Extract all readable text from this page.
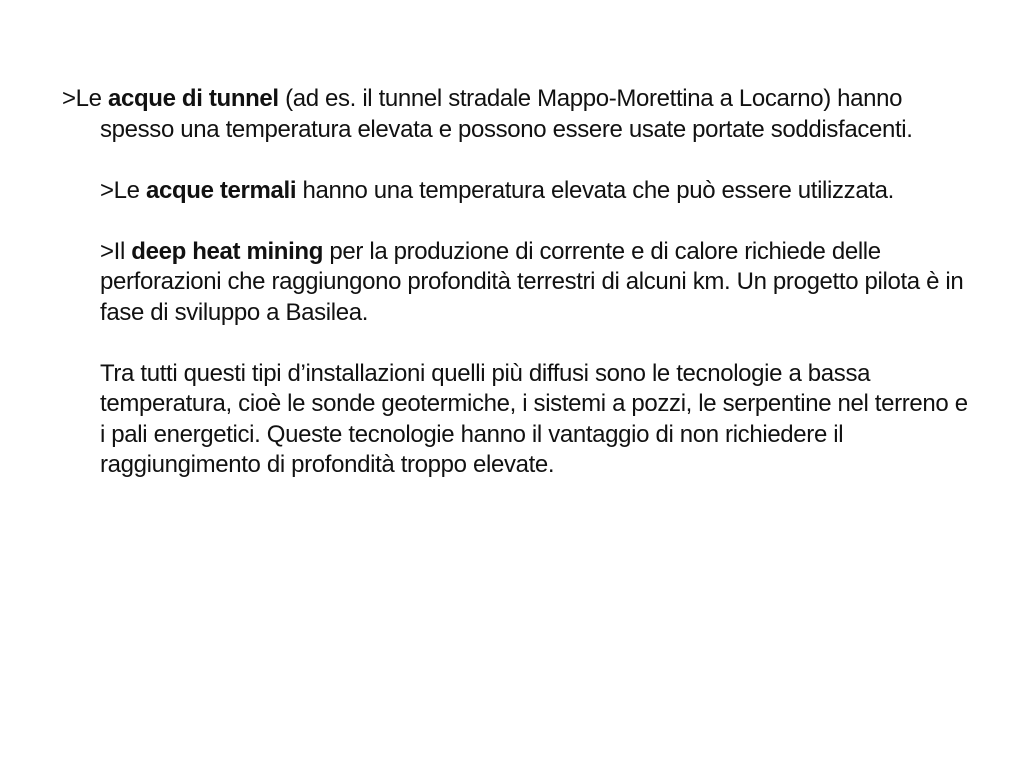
>Le acque di tunnel (ad es. il tunnel stradale Mappo-Morettina a Locarno) hanno spesso una temperatura elevata e possono essere usate portate soddisfacenti.

>Le acque termali hanno una temperatura elevata che può essere utilizzata.

>Il deep heat mining per la produzione di corrente e di calore richiede delle perforazioni che raggiungono profondità terrestri di alcuni km. Un progetto pilota è in fase di sviluppo a Basilea.

Tra tutti questi tipi d’installazioni quelli più diffusi sono le tecnologie a bassa temperatura, cioè le sonde geotermiche, i sistemi a pozzi, le serpentine nel terreno e i pali energetici. Queste tecnologie hanno il vantaggio di non richiedere il raggiungimento di profondità troppo elevate.
